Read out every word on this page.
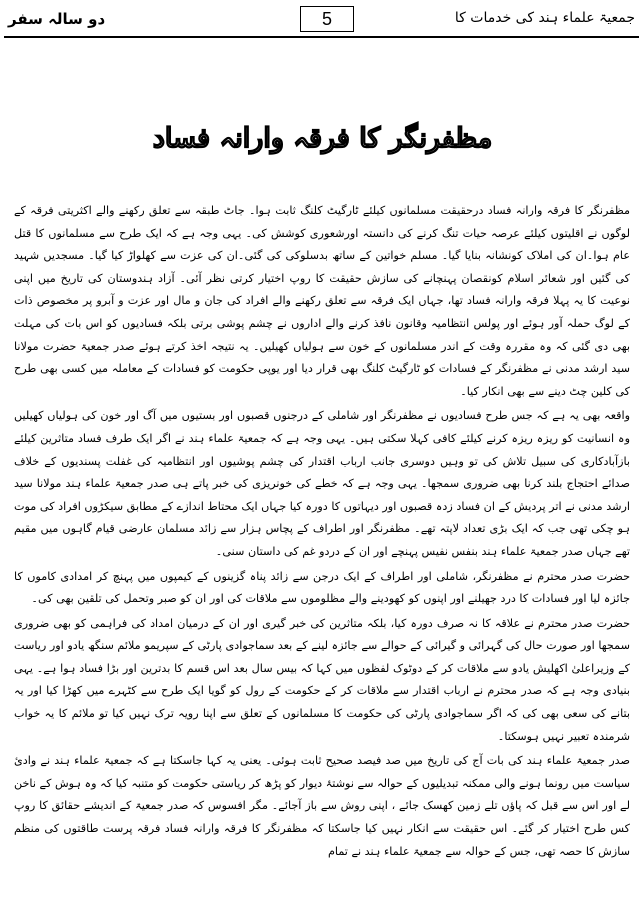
دو سالہ سفر	5	جمعیۃ علماء ہند کی خدمات کا
مظفرنگر کا فرقہ وارانہ فساد

مظفرنگر کا فرقہ وارانہ فساد درحقیقت مسلمانوں کیلئے ٹارگیٹ کلنگ ثابت ہوا۔ جاٹ طبقہ سے تعلق رکھنے والے اکثریتی فرقہ کے لوگوں نے اقلیتوں کیلئے عرصہ حیات تنگ کرنے کی دانستہ اورشعوری کوشش کی۔ یہی وجہ ہے کہ ایک طرح سے مسلمانوں کا قتل عام ہوا۔ان کی املاک کونشانہ بنایا گیا۔ مسلم خواتین کے ساتھ بدسلوکی کی گئی۔ان کی عزت سے کھلواڑ کیا گیا۔ مسجدیں شہید کی گئیں اور شعائر اسلام کونقصان پہنچانے کی سازش حقیقت کا روپ اختیار کرتی نظر آئی۔ آزاد ہندوستان کی تاریخ میں اپنی نوعیت کا یہ پہلا فرقہ وارانہ فساد تھا، جہاں ایک فرقہ سے تعلق رکھنے والے افراد کی جان و مال اور عزت و آبرو پر مخصوص ذات کے لوگ حملہ آور ہوئے اور پولس انتظامیہ وقانون نافذ کرنے والے اداروں نے چشم پوشی برتی بلکہ فسادیوں کو اس بات کی مہلت بھی دی گئی کہ وہ مقررہ وقت کے اندر مسلمانوں کے خون سے ہولیاں کھیلیں۔ یہ نتیجہ اخذ کرتے ہوئے صدر جمعیۃ حضرت مولانا سید ارشد مدنی نے مظفرنگر کے فسادات کو ٹارگیٹ کلنگ بھی قرار دیا اور یوپی حکومت کو فسادات کے معاملہ میں کسی بھی طرح کی کلین چٹ دینے سے بھی انکار کیا۔

واقعہ بھی یہ ہے کہ جس طرح فسادیوں نے مظفرنگر اور شاملی کے درجنوں قصبوں اور بستیوں میں آگ اور خون کی ہولیاں کھیلیں وہ انسانیت کو ریزہ ریزہ کرنے کیلئے کافی کہلا سکتی ہیں۔ یہی وجہ ہے کہ جمعیۃ علماء ہند نے اگر ایک طرف فساد متاثرین کیلئے بازآبادکاری کی سبیل تلاش کی تو وہیں دوسری جانب ارباب اقتدار کی چشم پوشیوں اور انتظامیہ کی غفلت پسندیوں کے خلاف صدائے احتجاج بلند کرنا بھی ضروری سمجھا۔ یہی وجہ ہے کہ خطے کی خونریزی کی خبر پاتے ہی صدر جمعیۃ علماء ہند مولانا سید ارشد مدنی نے اتر پردیش کے ان فساد زدہ قصبوں اور دیہاتوں کا دورہ کیا جہاں ایک محتاط اندازے کے مطابق سیکڑوں افراد کی موت ہو چکی تھی جب کہ ایک بڑی تعداد لاپتہ تھے۔ مظفرنگر اور اطراف کے پچاس ہزار سے زائد مسلمان عارضی قیام گاہوں میں مقیم تھے جہاں صدر جمعیۃ علماء ہند بنفس نفیس پہنچے اور ان کے دردو غم کی داستان سنی۔

حضرت صدر محترم نے مظفرنگر، شاملی اور اطراف کے ایک درجن سے زائد پناہ گزینوں کے کیمپوں میں پہنچ کر امدادی کاموں کا جائزہ لیا اور فسادات کا درد جھیلنے اور اپنوں کو کھودینے والے مظلوموں سے ملاقات کی اور ان کو صبر وتحمل کی تلقین بھی کی۔

حضرت صدر محترم نے علاقہ کا نہ صرف دورہ کیا، بلکہ متاثرین کی خبر گیری اور ان کے درمیان امداد کی فراہمی کو بھی ضروری سمجھا اور صورت حال کی گہرائی و گیرائی کے حوالے سے جائزہ لینے کے بعد سماجوادی پارٹی کے سپریمو ملائم سنگھ یادو اور ریاست کے وزیراعلیٰ اکھلیش یادو سے ملاقات کر کے دوٹوک لفظوں میں کہا کہ بیس سال بعد اس قسم کا بدترین اور بڑا فساد ہوا ہے۔ یہی بنیادی وجہ ہے کہ صدر محترم نے ارباب اقتدار سے ملاقات کر کے حکومت کے رول کو گویا ایک طرح سے کٹہرے میں کھڑا کیا اور یہ بتانے کی سعی بھی کی کہ اگر سماجوادی پارٹی کی حکومت کا مسلمانوں کے تعلق سے اپنا رویہ ترک نہیں کیا تو ملائم کا یہ خواب شرمندہ تعبیر نہیں ہوسکتا۔

صدر جمعیۃ علماء ہند کی بات آج کی تاریخ میں صد فیصد صحیح ثابت ہوئی۔ یعنی یہ کہا جاسکتا ہے کہ جمعیۃ علماء ہند نے وادیٔ سیاست میں رونما ہونے والی ممکنہ تبدیلیوں کے حوالہ سے نوشتۂ دیوار کو پڑھ کر ریاستی حکومت کو متنبہ کیا کہ وہ ہوش کے ناخن لے اور اس سے قبل کہ پاؤں تلے زمین کھسک جائے ، اپنی روش سے باز آجائے۔ مگر افسوس کہ صدر جمعیۃ کے اندیشے حقائق کا روپ کس طرح اختیار کر گئے۔ اس حقیقت سے انکار نہیں کیا جاسکتا کہ مظفرنگر کا فرقہ وارانہ فساد فرقہ پرست طاقتوں کی منظم سازش کا حصہ تھی، جس کے حوالہ سے جمعیۃ علماء ہند نے تمام
